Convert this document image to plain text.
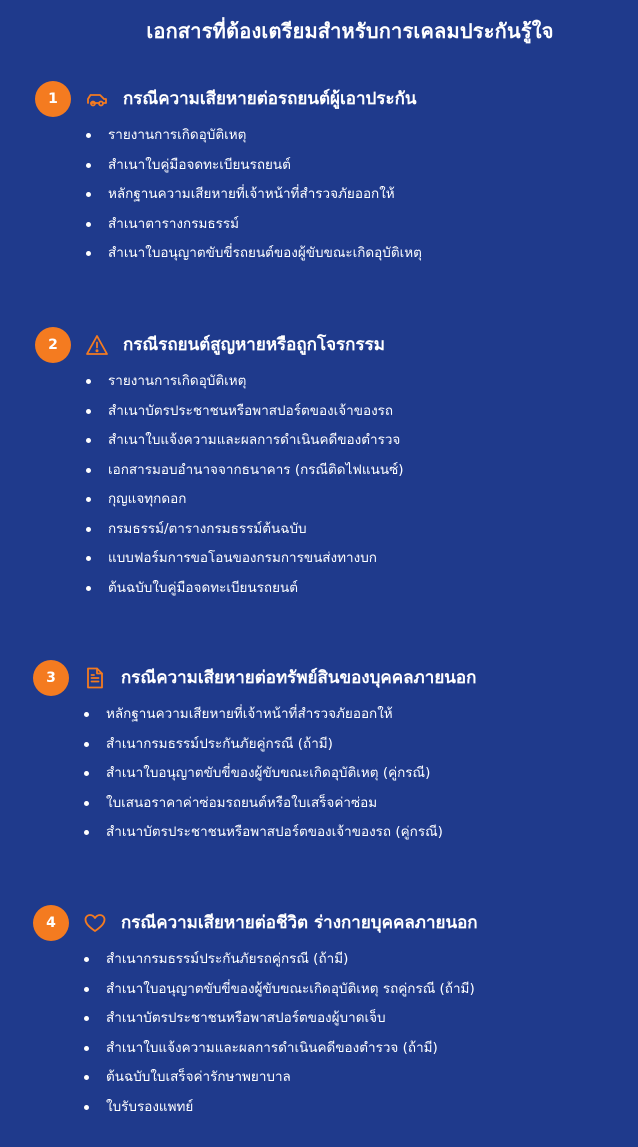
เอกสารที่ต้องเตรียมสำหรับการเคลมประกันรู้ใจ
1	กรณีความเสียหายต่อรถยนต์ผู้เอาประกัน
รายงานการเกิดอุบัติเหตุ
สำเนาใบคู่มือจดทะเบียนรถยนต์
หลักฐานความเสียหายที่เจ้าหน้าที่สำรวจภัยออกให้
สำเนาตารางกรมธรรม์
สำเนาใบอนุญาตขับขี่รถยนต์ของผู้ขับขณะเกิดอุบัติเหตุ
2	กรณีรถยนต์สูญหายหรือถูกโจรกรรม
รายงานการเกิดอุบัติเหตุ
สำเนาบัตรประชาชนหรือพาสปอร์ตของเจ้าของรถ
สำเนาใบแจ้งความและผลการดำเนินคดีของตำรวจ
เอกสารมอบอำนาจจากธนาคาร (กรณีติดไฟแนนซ์)
กุญแจทุกดอก
กรมธรรม์/ตารางกรมธรรม์ต้นฉบับ
แบบฟอร์มการขอโอนของกรมการขนส่งทางบก
ต้นฉบับใบคู่มือจดทะเบียนรถยนต์
3	กรณีความเสียหายต่อทรัพย์สินของบุคคลภายนอก
หลักฐานความเสียหายที่เจ้าหน้าที่สำรวจภัยออกให้
สำเนากรมธรรม์ประกันภัยคู่กรณี (ถ้ามี)
สำเนาใบอนุญาตขับขี่ของผู้ขับขณะเกิดอุบัติเหตุ (คู่กรณี)
ใบเสนอราคาค่าซ่อมรถยนต์หรือใบเสร็จค่าซ่อม
สำเนาบัตรประชาชนหรือพาสปอร์ตของเจ้าของรถ (คู่กรณี)
4	กรณีความเสียหายต่อชีวิต ร่างกายบุคคลภายนอก
สำเนากรมธรรม์ประกันภัยรถคู่กรณี (ถ้ามี)
สำเนาใบอนุญาตขับขี่ของผู้ขับขณะเกิดอุบัติเหตุ รถคู่กรณี (ถ้ามี)
สำเนาบัตรประชาชนหรือพาสปอร์ตของผู้บาดเจ็บ
สำเนาใบแจ้งความและผลการดำเนินคดีของตำรวจ (ถ้ามี)
ต้นฉบับใบเสร็จค่ารักษาพยาบาล
ใบรับรองแพทย์
